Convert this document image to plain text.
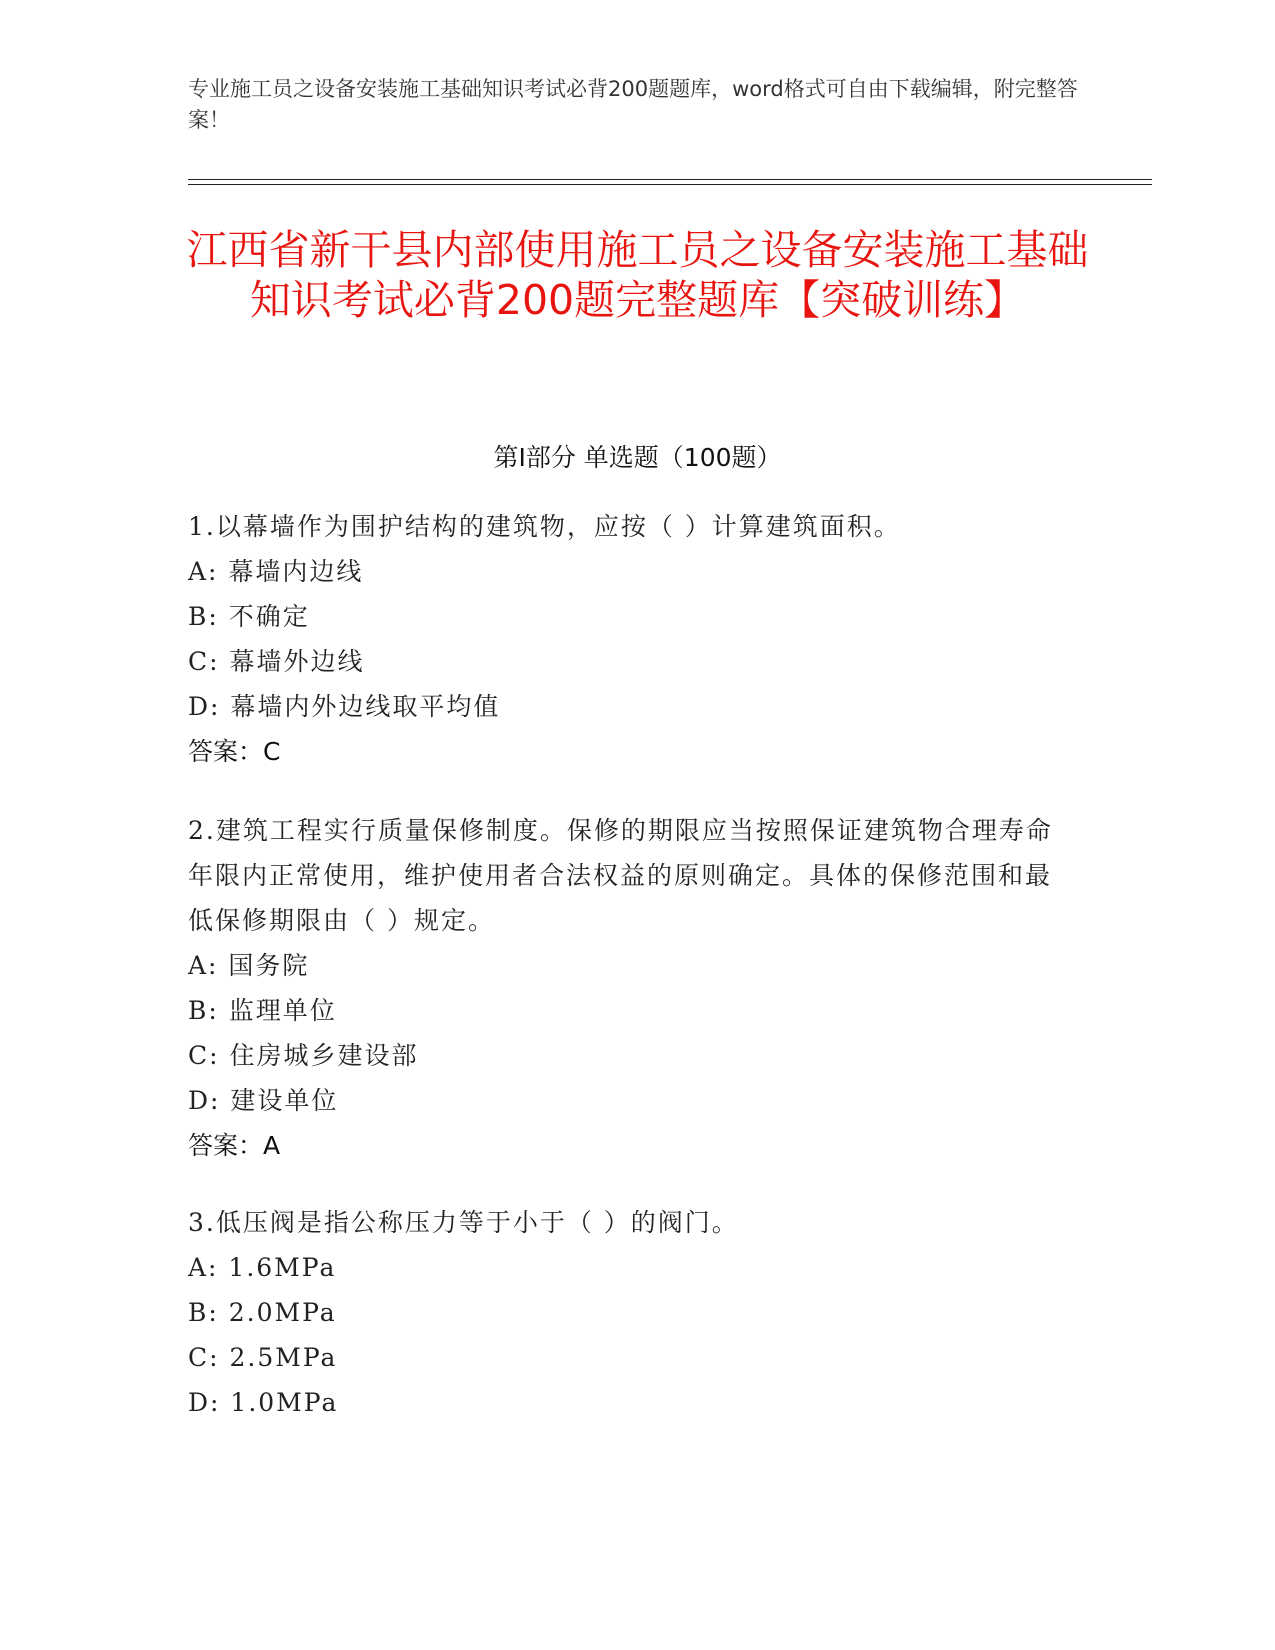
专业施工员之设备安装施工基础知识考试必背200题题库，word格式可自由下载编辑，附完整答案！
江西省新干县内部使用施工员之设备安装施工基础知识考试必背200题完整题库【突破训练】
第I部分 单选题（100题）
1.以幕墙作为围护结构的建筑物，应按（ ）计算建筑面积。
A: 幕墙内边线
B: 不确定
C: 幕墙外边线
D: 幕墙内外边线取平均值
答案：C
2.建筑工程实行质量保修制度。保修的期限应当按照保证建筑物合理寿命年限内正常使用，维护使用者合法权益的原则确定。具体的保修范围和最低保修期限由（ ）规定。
A: 国务院
B: 监理单位
C: 住房城乡建设部
D: 建设单位
答案：A
3.低压阀是指公称压力等于小于（ ）的阀门。
A: 1.6MPa
B: 2.0MPa
C: 2.5MPa
D: 1.0MPa
